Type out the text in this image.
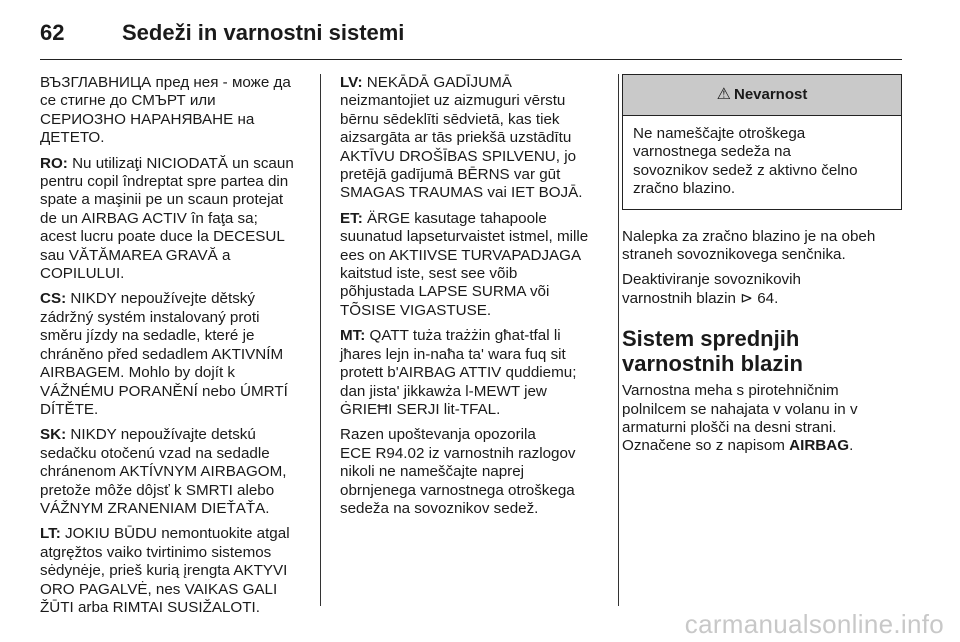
62	Sedeži in varnostni sistemi

ВЪЗГЛАВНИЦА пред нея - може да
се стигне до СМЪРТ или
СЕРИОЗНО НАРАНЯВАНЕ на
ДЕТЕТО.

RO: Nu utilizaţi NICIODATĂ un scaun
pentru copil îndreptat spre partea din
spate a maşinii pe un scaun protejat
de un AIRBAG ACTIV în faţa sa;
acest lucru poate duce la DECESUL
sau VĂTĂMAREA GRAVĂ a
COPILULUI.

CS: NIKDY nepoužívejte dětský
zádržný systém instalovaný proti
směru jízdy na sedadle, které je
chráněno před sedadlem AKTIVNÍM
AIRBAGEM. Mohlo by dojít k
VÁŽNÉMU PORANĚNÍ nebo ÚMRTÍ
DÍTĚTE.

SK: NIKDY nepoužívajte detskú
sedačku otočenú vzad na sedadle
chránenom AKTÍVNYM AIRBAGOM,
pretože môže dôjsť k SMRTI alebo
VÁŽNYM ZRANENIAM DIEŤAŤA.

LT: JOKIU BŪDU nemontuokite atgal
atgręžtos vaiko tvirtinimo sistemos
sėdynėje, prieš kurią įrengta AKTYVI
ORO PAGALVĖ, nes VAIKAS GALI
ŽŪTI arba RIMTAI SUSIŽALOTI.

LV: NEKĀDĀ GADĪJUMĀ
neizmantojiet uz aizmuguri vērstu
bērnu sēdeklīti sēdvietā, kas tiek
aizsargāta ar tās priekšā uzstādītu
AKTĪVU DROŠĪBAS SPILVENU, jo
pretējā gadījumā BĒRNS var gūt
SMAGAS TRAUMAS vai IET BOJĀ.

ET: ÄRGE kasutage tahapoole
suunatud lapseturvaistet istmel, mille
ees on AKTIIVSE TURVAPADJAGA
kaitstud iste, sest see võib
põhjustada LAPSE SURMA või
TÕSISE VIGASTUSE.

MT: QATT tuża trażżin għat-tfal li
jħares lejn in-naħa ta' wara fuq sit
protett b'AIRBAG ATTIV quddiemu;
dan jista' jikkawża l-MEWT jew
ĠRIEĦI SERJI lit-TFAL.

Razen upoštevanja opozorila
ECE R94.02 iz varnostnih razlogov
nikoli ne nameščajte naprej
obrnjenega varnostnega otroškega
sedeža na sovoznikov sedež.

⚠ Nevarnost
Ne nameščajte otroškega
varnostnega sedeža na
sovoznikov sedež z aktivno čelno
zračno blazino.

Nalepka za zračno blazino je na obeh
straneh sovoznikovega senčnika.

Deaktiviranje sovoznikovih
varnostnih blazin ⊳ 64.

Sistem sprednjih
varnostnih blazin

Varnostna meha s pirotehničnim
polnilcem se nahajata v volanu in v
armaturni plošči na desni strani.
Označene so z napisom AIRBAG.

carmanualsonline.info
